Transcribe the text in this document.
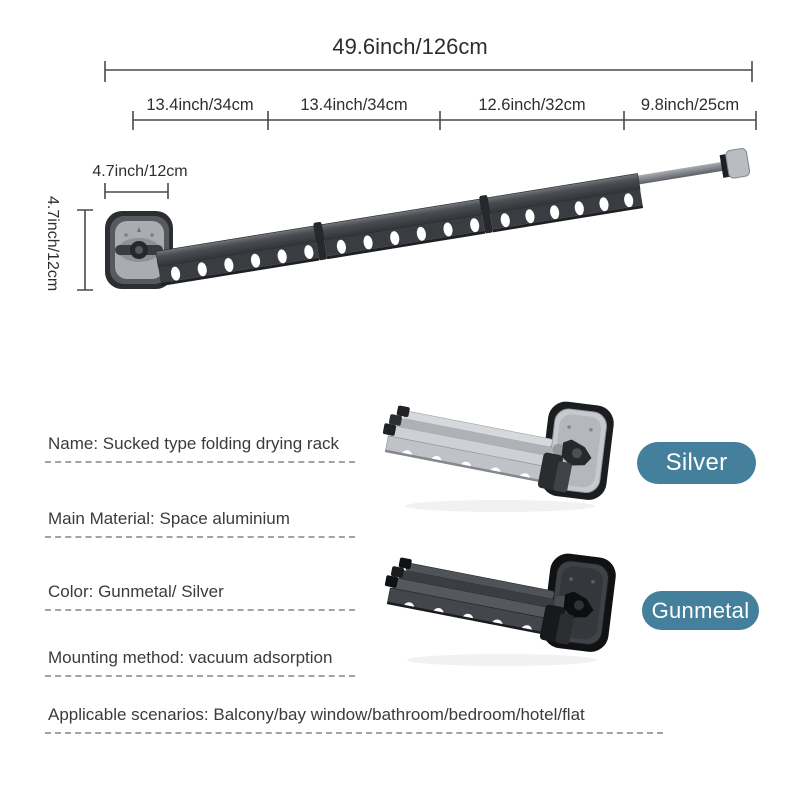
49.6inch/126cm
13.4inch/34cm	13.4inch/34cm	12.6inch/32cm	9.8inch/25cm
4.7inch/12cm
4.7inch/12cm
Name: Sucked type folding drying rack
Main Material: Space aluminium
Color: Gunmetal/ Silver
Mounting method: vacuum adsorption
Applicable scenarios: Balcony/bay window/bathroom/bedroom/hotel/flat
Silver
Gunmetal
